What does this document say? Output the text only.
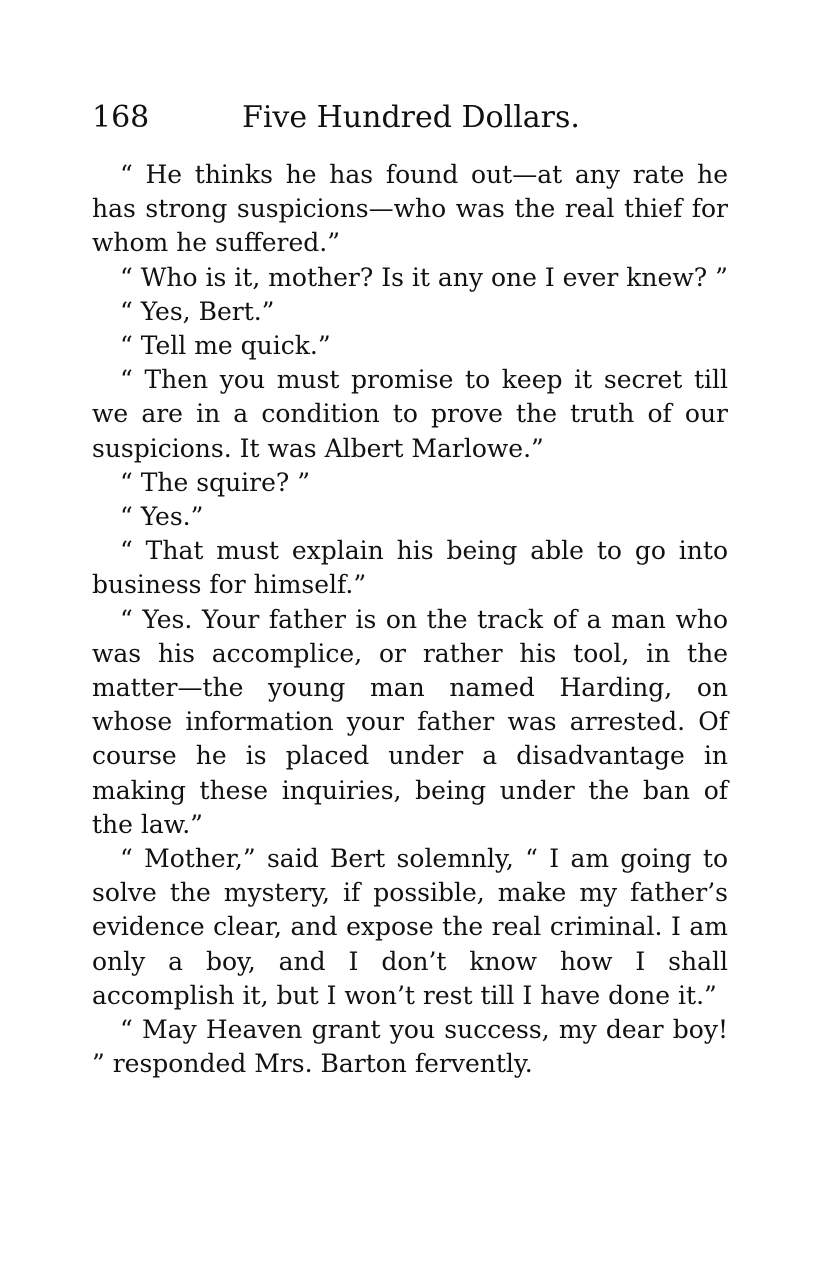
168	Five Hundred Dollars.

“ He thinks he has found out—at any rate he has strong suspicions—who was the real thief for whom he suffered.”

“ Who is it, mother? Is it any one I ever knew? ”

“ Yes, Bert.”

“ Tell me quick.”

“ Then you must promise to keep it secret till we are in a condition to prove the truth of our suspicions. It was Albert Marlowe.”

“ The squire? ”

“ Yes.”

“ That must explain his being able to go into business for himself.”

“ Yes. Your father is on the track of a man who was his accomplice, or rather his tool, in the matter—the young man named Harding, on whose information your father was arrested. Of course he is placed under a disadvantage in making these inquiries, being under the ban of the law.”

“ Mother,” said Bert solemnly, “ I am going to solve the mystery, if possible, make my father’s evidence clear, and expose the real criminal. I am only a boy, and I don’t know how I shall accomplish it, but I won’t rest till I have done it.”

“ May Heaven grant you success, my dear boy! ” responded Mrs. Barton fervently.
